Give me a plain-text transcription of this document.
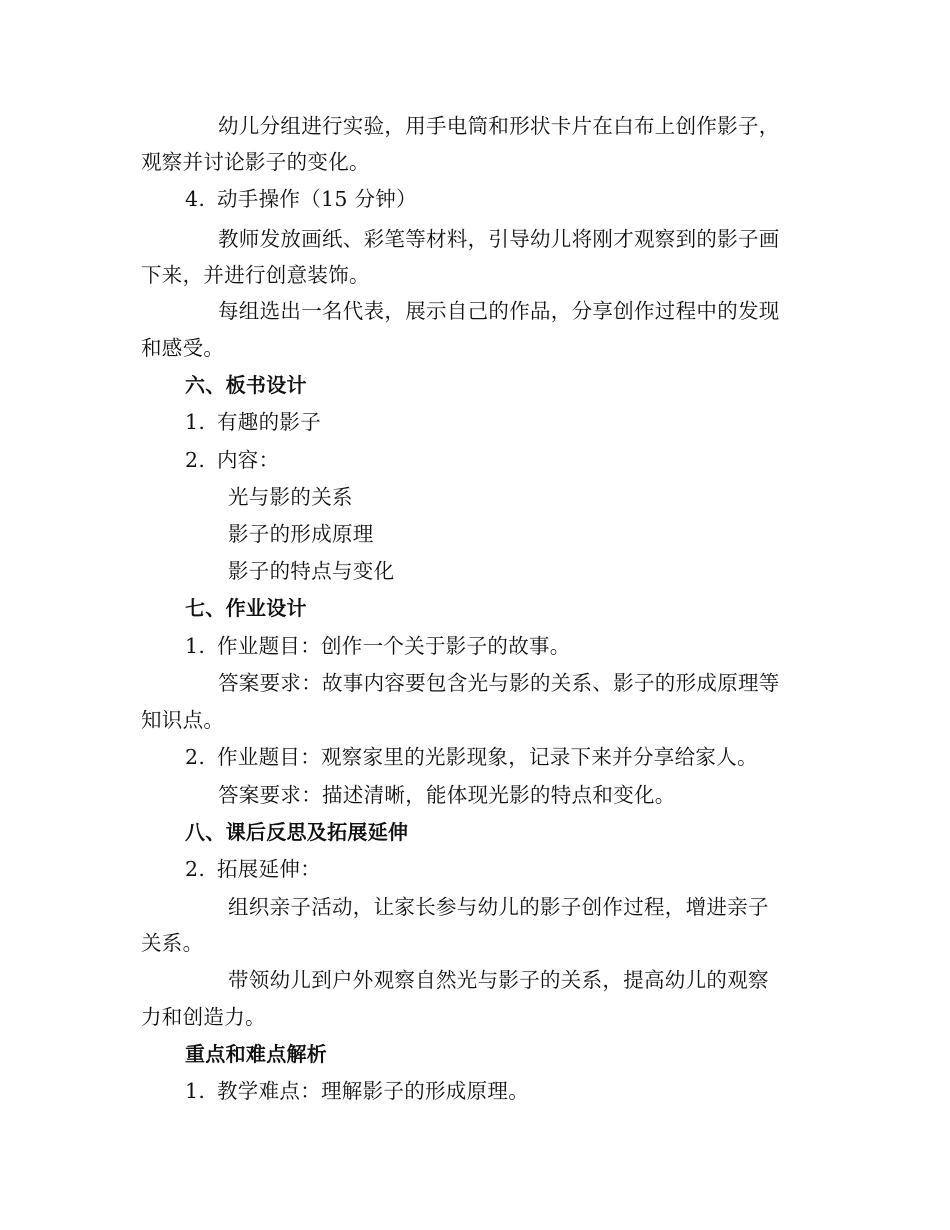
幼儿分组进行实验，用手电筒和形状卡片在白布上创作影子，
观察并讨论影子的变化。
4. 动手操作（15 分钟）
教师发放画纸、彩笔等材料，引导幼儿将刚才观察到的影子画
下来，并进行创意装饰。
每组选出一名代表，展示自己的作品，分享创作过程中的发现
和感受。
六、板书设计
1. 有趣的影子
2. 内容：
光与影的关系
影子的形成原理
影子的特点与变化
七、作业设计
1. 作业题目：创作一个关于影子的故事。
答案要求：故事内容要包含光与影的关系、影子的形成原理等
知识点。
2. 作业题目：观察家里的光影现象，记录下来并分享给家人。
答案要求：描述清晰，能体现光影的特点和变化。
八、课后反思及拓展延伸
2. 拓展延伸：
组织亲子活动，让家长参与幼儿的影子创作过程，增进亲子
关系。
带领幼儿到户外观察自然光与影子的关系，提高幼儿的观察
力和创造力。
重点和难点解析
1. 教学难点：理解影子的形成原理。
